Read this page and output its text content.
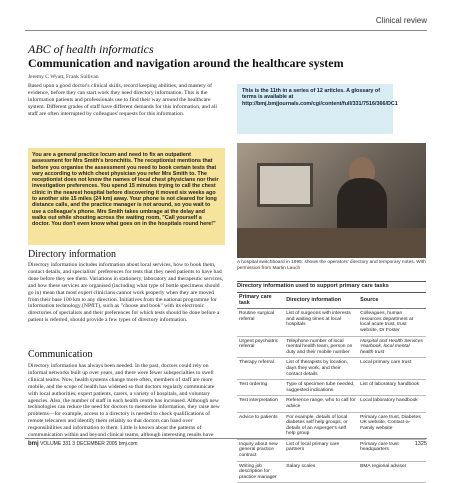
Clinical review
ABC of health informatics
Communication and navigation around the healthcare system
Jeremy C Wyatt, Frank Sullivan
Based upon a good doctor's clinical skills, record keeping abilities, and mastery of evidence, before they can start work they need directory information. This is the information patients and professionals use to find their way around the healthcare system. Different grades of staff have different demands for this information, and all staff are often interrupted by colleagues' requests for this information.
This is the 11th in a series of 12 articles. A glossary of terms is available at http://bmj.bmjjournals.com/cgi/content/full/331/7516/366/DC1
You are a general practice locum and need to fix an outpatient assessment for Mrs Smith's bronchitis. The receptionist mentions that before you organise the assessment you need to book certain tests that vary according to which chest physician you refer Mrs Smith to. The receptionist does not know the names of local chest physicians nor their investigation preferences. You spend 15 minutes trying to call the chest clinic in the nearest hospital before discovering it moved six weeks ago to another site 15 miles (24 km) away. Your phone is not cleared for long distance calls, and the practice manager is not around, so you wait to use a colleague's phone. Mrs Smith takes umbrage at the delay and walks out while shouting across the waiting room, "Call yourself a doctor. You don't even know what goes on in the hospitals round here!"
A hospital switchboard in 1995: shows the operators' directory and temporary notes. With permission from Martin Lauch
Directory information
Directory information includes information about local services, how to book them, contact details, and specialists' preferences for tests that they need patients to have had done before they see them. Variations in stationery, laboratory and therapeutic services, and how these services are organised (including what type of bottle specimens should go in) mean that most expert clinicians cannot work properly when they are moved from their base 100 km to any direction. Initiatives from the national programme for information technology (NPfIT), such as "choose and book" with its electronic directories of specialists and their preferences for which tests should be done before a patient is referred, should provide a few types of directory information.
Communication
Directory information has always been needed. In the past, doctors could rely on informal networks built up over years, and there were fewer subspecialties to swell clinical teams. Now, health systems change more often, members of staff are more mobile, and the scope of health has widened so that doctors regularly communicate with local authorities, expert patients, carers, a variety of hospitals, and voluntary agencies. Also, the number of staff in each health centre has increased. Although new technologies can reduce the need for doctors to memorise information, they raise new problems—for example, access to a directory is needed to check qualifications of remote telecarers and identify them reliably so that doctors can hand over responsibilities and information to them. Little is known about the patterns of communication within and beyond clinical teams, although interesting results have
Directory information used to support primary care tasks
Primary care task	Directory information	Source
Routine surgical referral	List of surgeons with interests and waiting times at local hospitals	Colleagues, human resources department at local acute trust, trust website, Dr Foster
Urgent psychiatric referral	Telephone number of local mental health team, person on duty and their mobile number	Hospital and Health Services Yearbook, local mental health trust
Therapy referral	List of therapists by location, days they work, and their contact details	Local primary care trust
Test ordering	Type of specimen tube needed, suggested indications	List of laboratory handbook
Test interpretation	Reference range, who to call for advice	Local laboratory handbook
Advice to patients	For example, details of local diabetes self help groups, or details of an Asperger's self help group	Primary care trust, Diabetes UK website, Contact-a-Family website
Inquiry about new general practice contract	List of local primary care partners	Primary care trust headquarters
Writing job description for practice manager	Salary scales	BMA regional adviser
bmj VOLUME 331 3 DECEMBER 2005 bmj.com	1325
